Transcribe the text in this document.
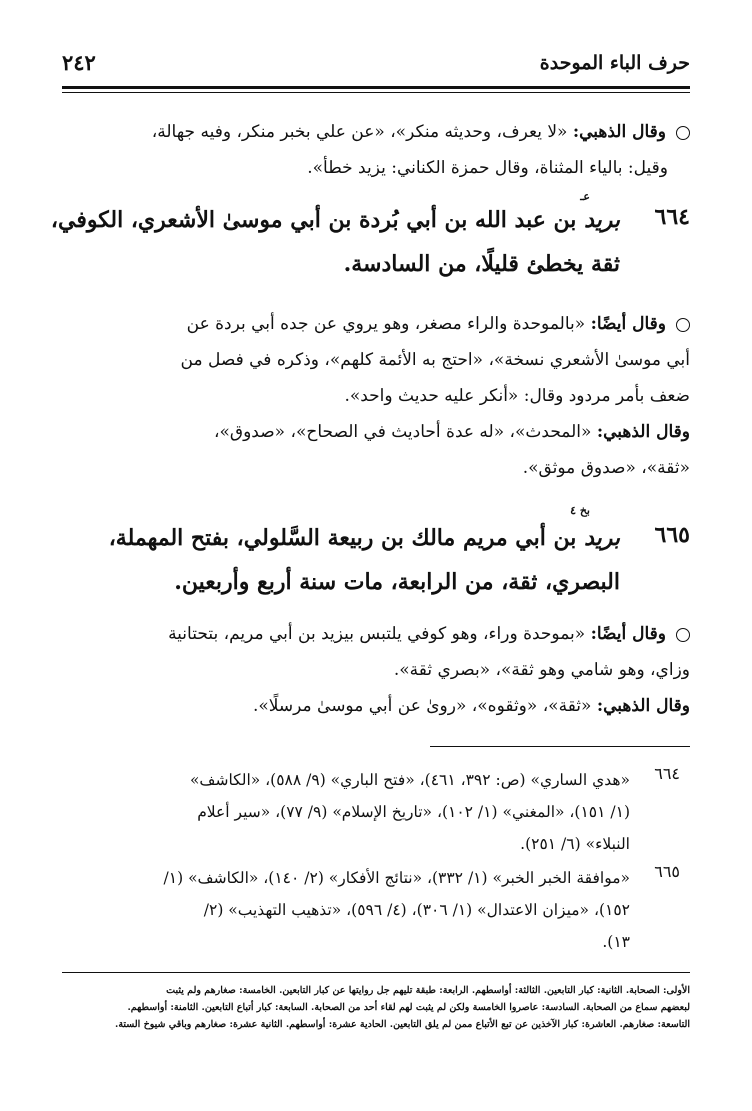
حرف الباء الموحدة
٢٤٢
وقال الذهبي: «لا يعرف، وحديثه منكر»، «عن علي بخبر منكر، وفيه جهالة،
وقيل: بالياء المثناة، وقال حمزة الكناني: يزيد خطأ».
٦٦٤
عـ
بريد بن عبد الله بن أبي بُردة بن أبي موسىٰ الأشعري، الكوفي،
ثقة يخطئ قليلًا، من السادسة.
وقال أيضًا: «بالموحدة والراء مصغر، وهو يروي عن جده أبي بردة عن
أبي موسىٰ الأشعري نسخة»، «احتج به الأئمة كلهم»، وذكره في فصل من
ضعف بأمر مردود وقال: «أنكر عليه حديث واحد».
وقال الذهبي: «المحدث»، «له عدة أحاديث في الصحاح»، «صدوق»،
«ثقة»، «صدوق موثق».
٦٦٥
بخ ٤
بريد بن أبي مريم مالك بن ربيعة السَّلولي، بفتح المهملة،
البصري، ثقة، من الرابعة، مات سنة أربع وأربعين.
وقال أيضًا: «بموحدة وراء، وهو كوفي يلتبس بيزيد بن أبي مريم، بتحتانية
وزاي، وهو شامي وهو ثقة»، «بصري ثقة».
وقال الذهبي: «ثقة»، «وثقوه»، «روىٰ عن أبي موسىٰ مرسلًا».
٦٦٤
«هدي الساري» (ص: ٣٩٢، ٤٦١)، «فتح الباري» (٩/ ٥٨٨)، «الكاشف»
(١/ ١٥١)، «المغني» (١/ ١٠٢)، «تاريخ الإسلام» (٩/ ٧٧)، «سير أعلام
النبلاء» (٦/ ٢٥١).
٦٦٥
«موافقة الخبر الخبر» (١/ ٣٣٢)، «نتائج الأفكار» (٢/ ١٤٠)، «الكاشف» (١/
١٥٢)، «ميزان الاعتدال» (١/ ٣٠٦)، (٤/ ٥٩٦)، «تذهيب التهذيب» (٢/
١٣).
الأولى: الصحابة. الثانية: كبار التابعين. الثالثة: أواسطهم. الرابعة: طبقة تليهم جل روايتها عن كبار التابعين. الخامسة: صغارهم ولم يثبت
لبعضهم سماع من الصحابة. السادسة: عاصروا الخامسة ولكن لم يثبت لهم لقاء أحد من الصحابة. السابعة: كبار أتباع التابعين. الثامنة: أواسطهم.
التاسعة: صغارهم. العاشرة: كبار الآخذين عن تبع الأتباع ممن لم يلق التابعين. الحادية عشرة: أواسطهم. الثانية عشرة: صغارهم وباقي شيوخ الستة.
